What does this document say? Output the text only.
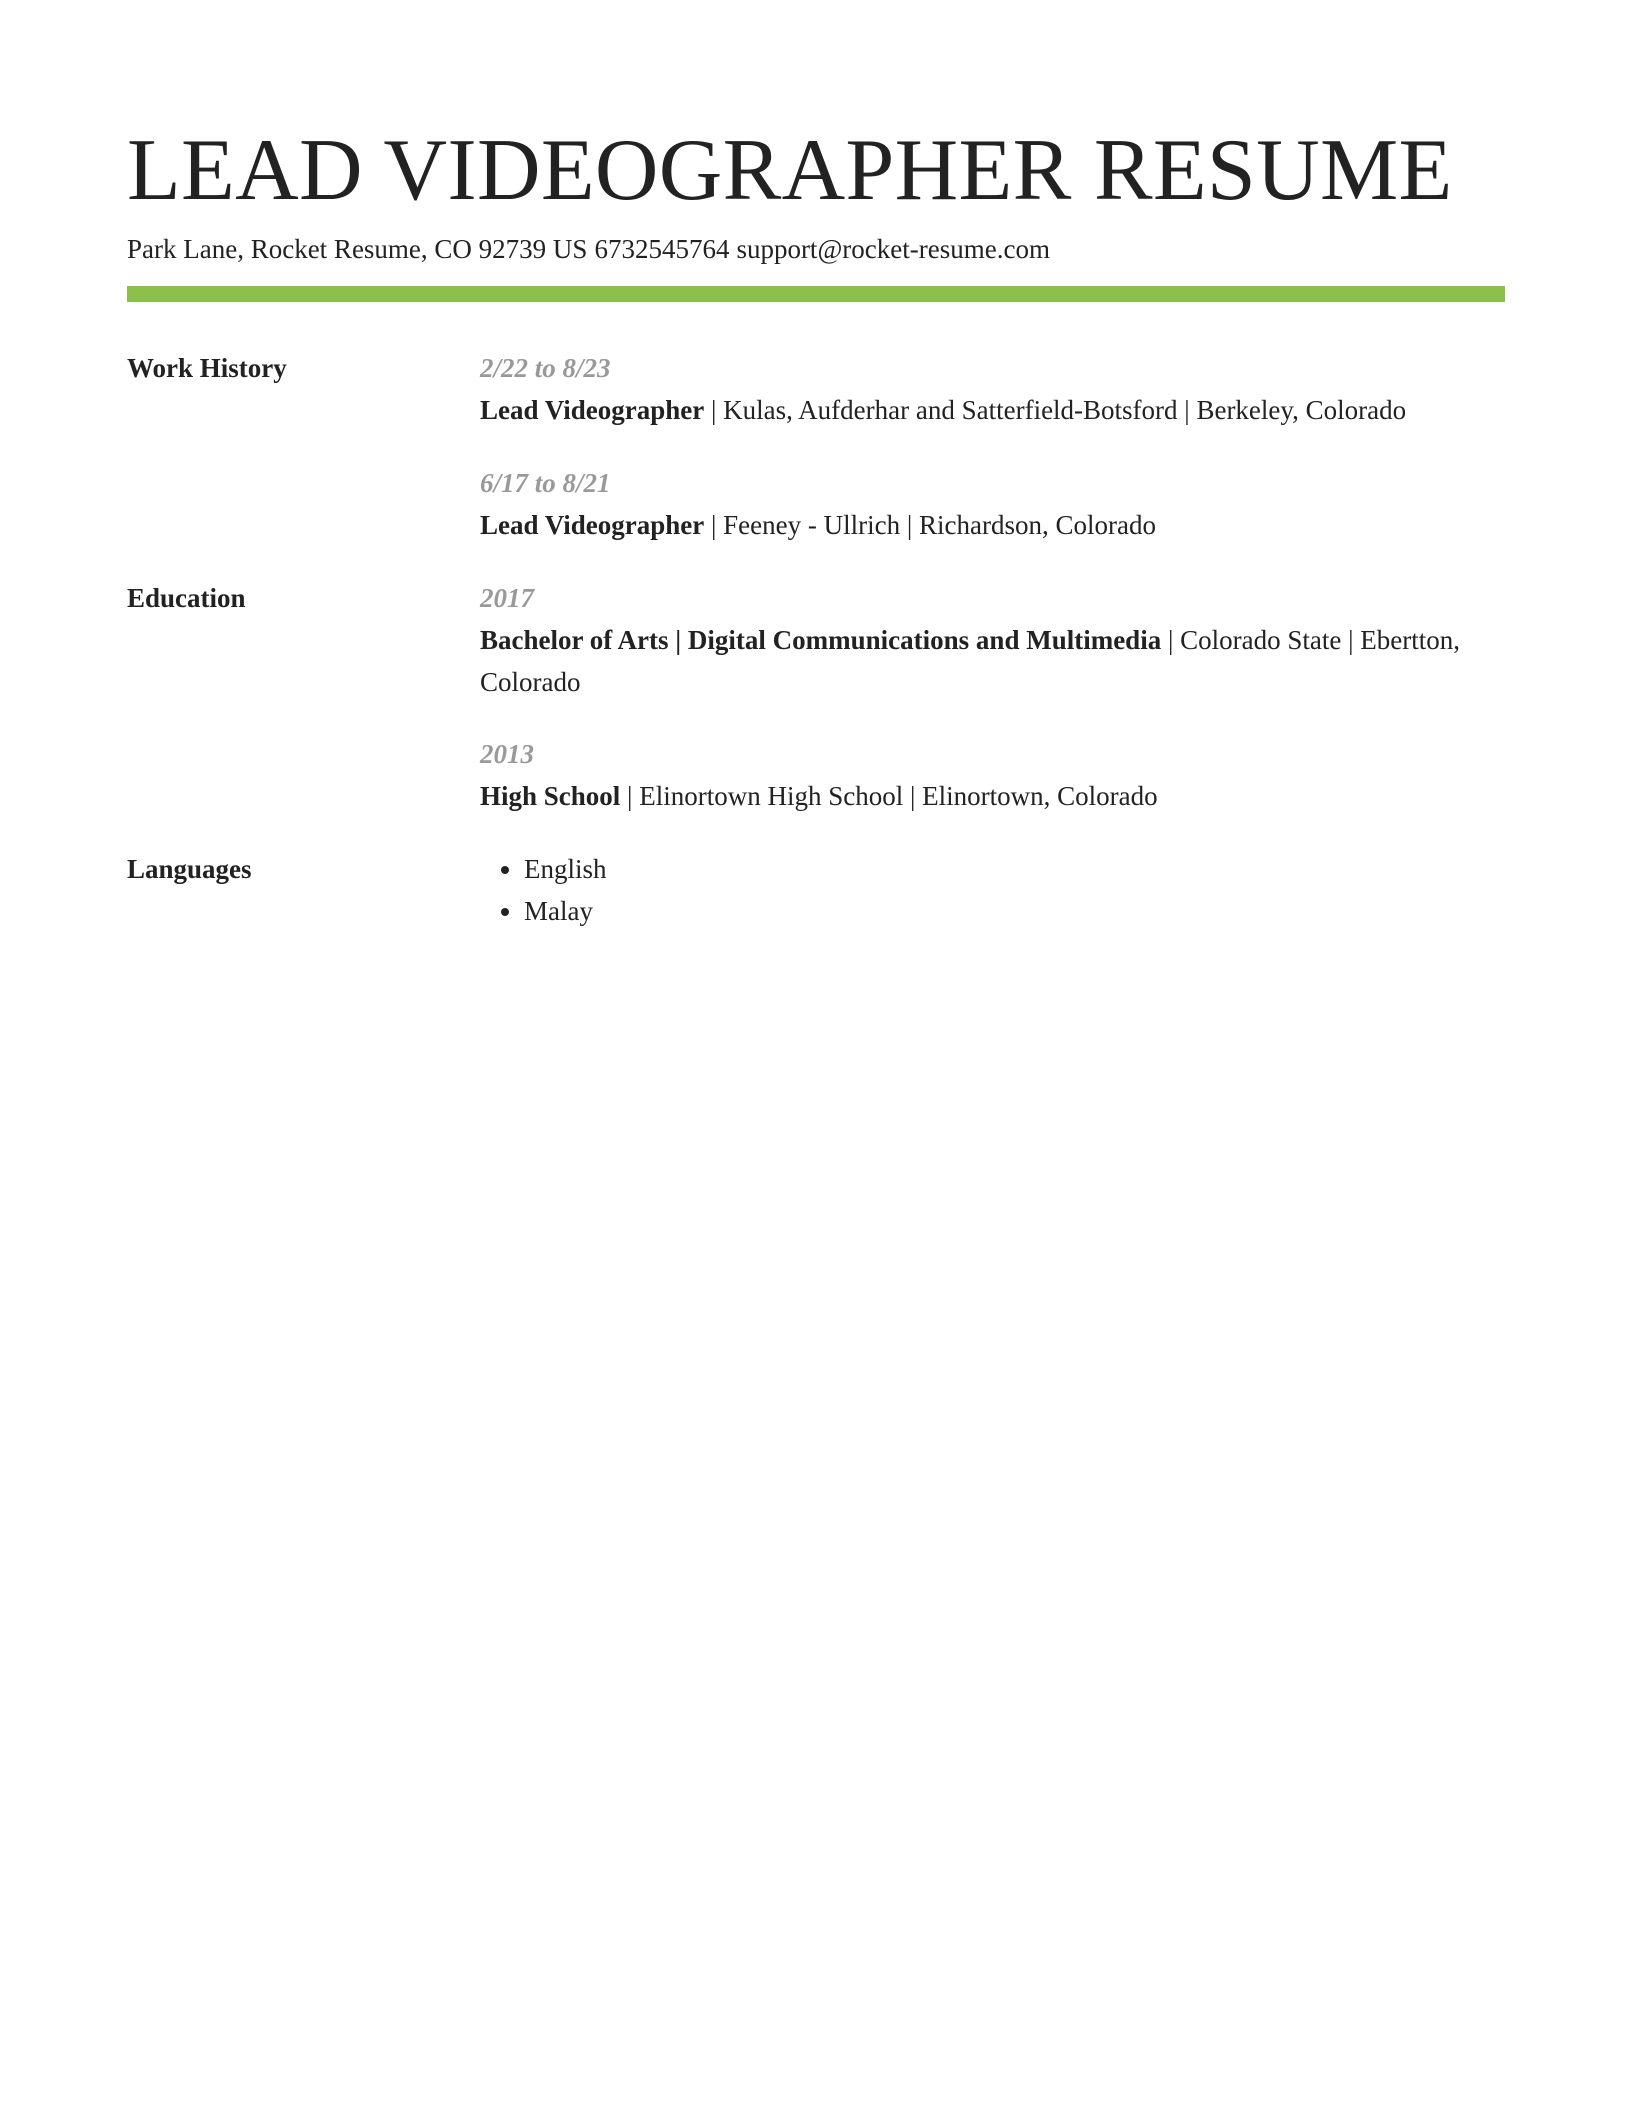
LEAD VIDEOGRAPHER RESUME
Park Lane, Rocket Resume, CO 92739 US 6732545764 support@rocket-resume.com
Work History	2/22 to 8/23
Lead Videographer | Kulas, Aufderhar and Satterfield-Botsford | Berkeley, Colorado
6/17 to 8/21
Lead Videographer | Feeney - Ullrich | Richardson, Colorado
Education	2017
Bachelor of Arts | Digital Communications and Multimedia | Colorado State | Ebertton, Colorado
2013
High School | Elinortown High School | Elinortown, Colorado
Languages
•	English
• Malay
